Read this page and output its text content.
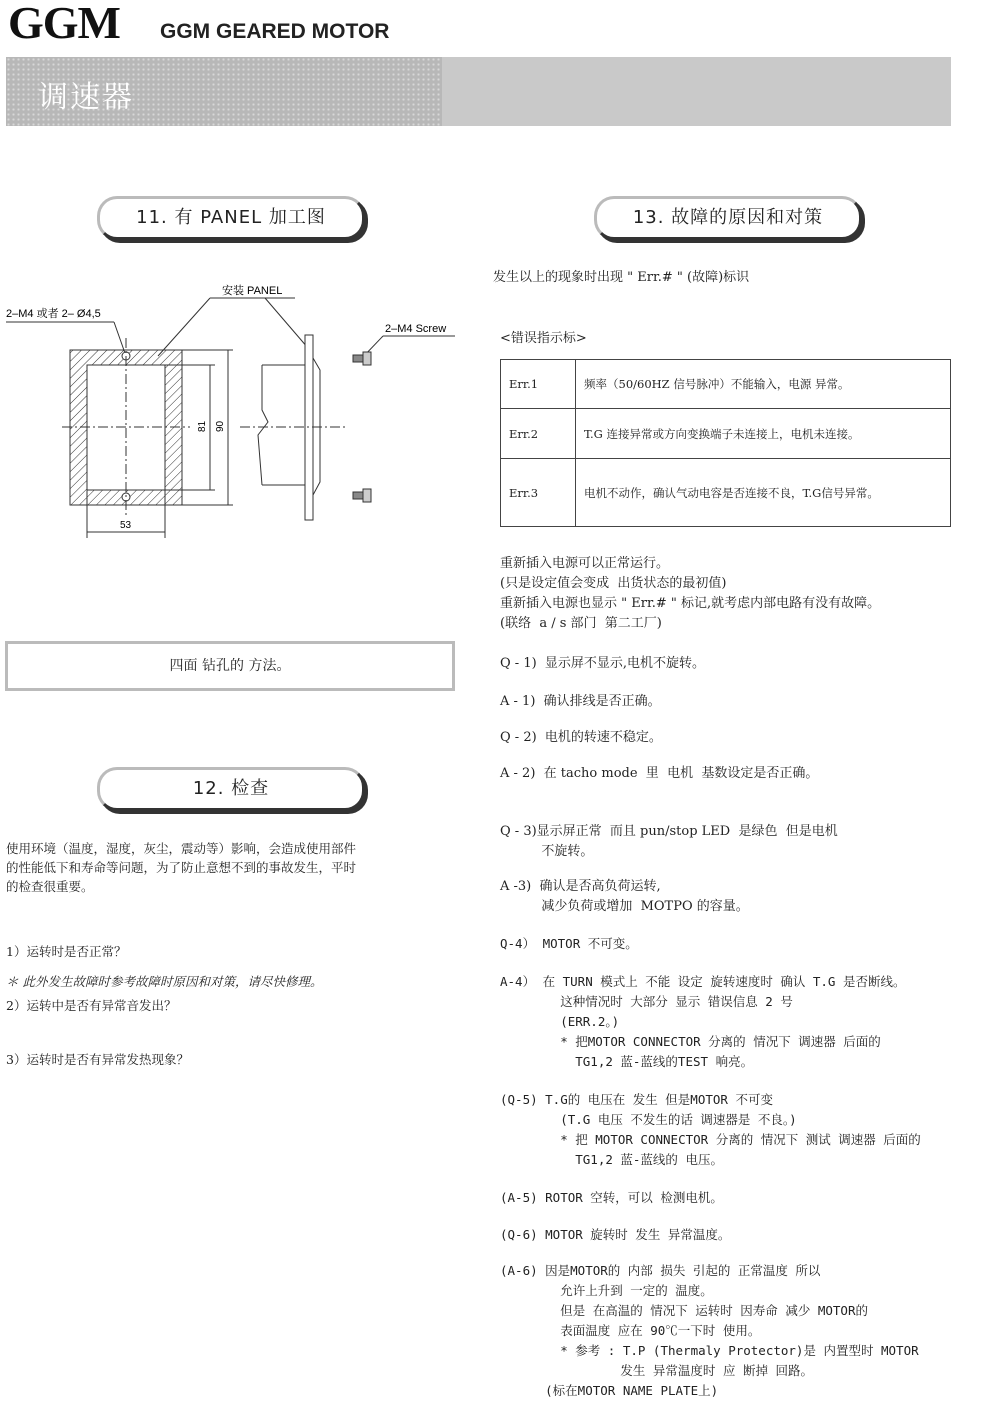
GGM GGM GEARED MOTOR
调速器
11. 有 PANEL 加工图
安装 PANEL
2–M4 或者 2– Ø4,5
2–M4 Screw
81 90
53
四面 钻孔的 方法。
12. 检查
使用环境（温度，湿度，灰尘，震动等）影响，会造成使用部件
的性能低下和寿命等问题，为了防止意想不到的事故发生，平时
的检查很重要。

1）运转时是否正常？

2）运转中是否有异常音发出？

3）运转时是否有异常发热现象？

＊ 此外发生故障时参考故障时原因和对策，请尽快修理。
13. 故障的原因和对策
发生以上的现象时出现 " Err.# " (故障)标识
<错误指示标>
Err.1	频率（50/60HZ 信号脉冲）不能输入，电源 异常。
Err.2	T.G 连接异常或方向变换端子未连接上，电机未连接。
Err.3	电机不动作，确认气动电容是否连接不良，T.G信号异常。
重新插入电源可以正常运行。
(只是设定值会变成  出货状态的最初值)
重新插入电源也显示 " Err.# " 标记,就考虑内部电路有没有故障。
(联络  a / s 部门  第二工厂)
Q - 1)  显示屏不显示,电机不旋转。
A - 1)  确认排线是否正确。
Q - 2)  电机的转速不稳定。
A - 2)  在 tacho mode  里  电机  基数设定是否正确。
Q - 3)显示屏正常  而且 pun/stop LED  是绿色  但是电机
不旋转。
A -3)  确认是否高负荷运转,
减少负荷或增加  MOTPO 的容量。
Q-4） MOTOR 不可变。
A-4） 在 TURN 模式上 不能 设定 旋转速度时 确认 T.G 是否断线。
这种情况时 大部分 显示 错误信息 2 号
(ERR.2。)
* 把MOTOR CONNECTOR 分离的 情况下 调速器 后面的
TG1,2 蓝-蓝线的TEST 响亮。
(Q-5) T.G的 电压在 发生 但是MOTOR 不可变
(T.G 电压 不发生的话 调速器是 不良。)
* 把 MOTOR CONNECTOR 分离的 情况下 测试 调速器 后面的
TG1,2 蓝-蓝线的 电压。
(A-5) ROTOR 空转，可以 检测电机。
(Q-6) MOTOR 旋转时 发生 异常温度。
(A-6) 因是MOTOR的 内部 损失 引起的 正常温度 所以
允许上升到 一定的 温度。
但是 在高温的 情况下 运转时 因寿命 减少 MOTOR的
表面温度 应在 90℃一下时 使用。
* 参考 : T.P (Thermaly Protector)是 内置型时 MOTOR
发生 异常温度时 应 断掉 回路。
(标在MOTOR NAME PLATE上)
